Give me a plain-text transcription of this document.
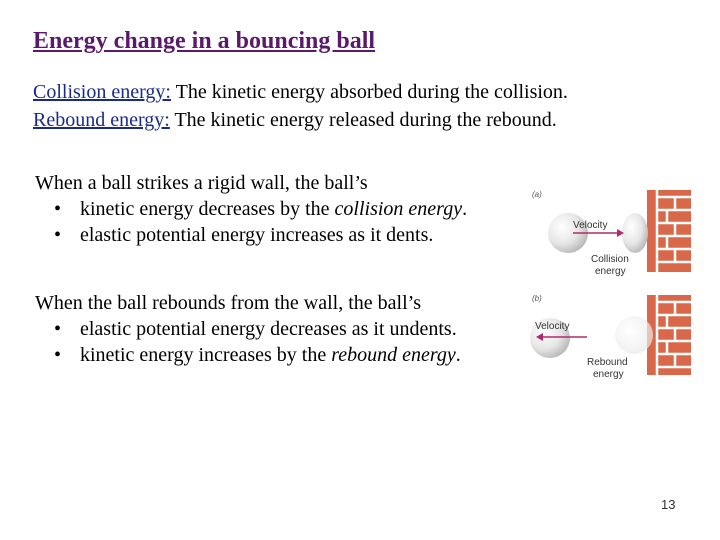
Energy change in a bouncing ball
Collision energy: The kinetic energy absorbed during the collision.
Rebound energy: The kinetic energy released during the rebound.
When a ball strikes a rigid wall, the ball’s
• kinetic energy decreases by the collision energy.
• elastic potential energy increases as it dents.
When the ball rebounds from the wall, the ball’s
• elastic potential energy decreases as it undents.
• kinetic energy increases by the rebound energy.
(a)
Velocity
Collision
energy
(b)
Velocity
Rebound
energy
13
